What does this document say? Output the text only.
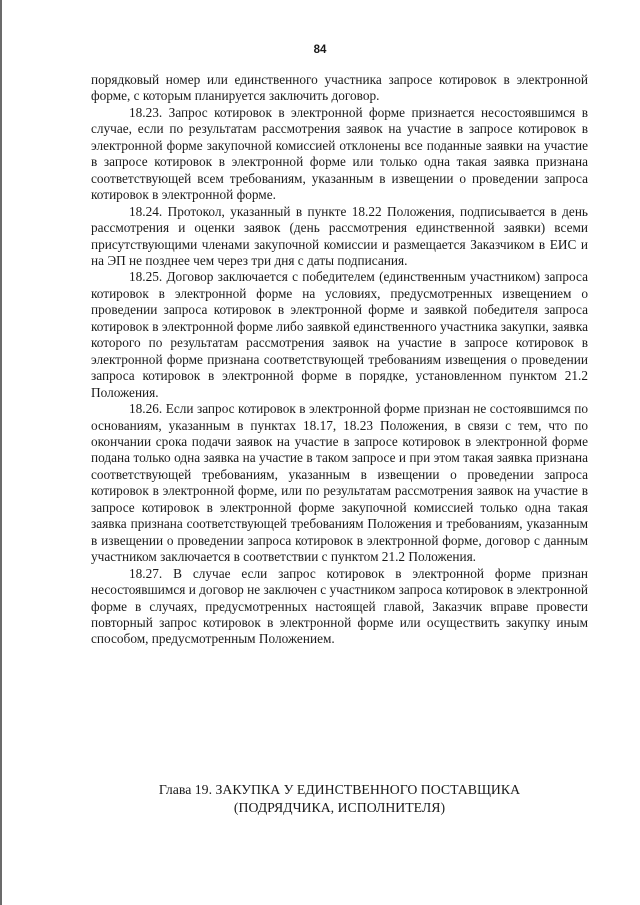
84

порядковый номер или единственного участника запросе котировок в электронной форме, с которым планируется заключить договор.

18.23. Запрос котировок в электронной форме признается несостоявшимся в случае, если по результатам рассмотрения заявок на участие в запросе котировок в электронной форме закупочной комиссией отклонены все поданные заявки на участие в запросе котировок в электронной форме или только одна такая заявка признана соответствующей всем требованиям, указанным в извещении о проведении запроса котировок в электронной форме.

18.24. Протокол, указанный в пункте 18.22 Положения, подписывается в день рассмотрения и оценки заявок (день рассмотрения единственной заявки) всеми присутствующими членами закупочной комиссии и размещается Заказчиком в ЕИС и на ЭП не позднее чем через три дня с даты подписания.

18.25. Договор заключается с победителем (единственным участником) запроса котировок в электронной форме на условиях, предусмотренных извещением о проведении запроса котировок в электронной форме и заявкой победителя запроса котировок в электронной форме либо заявкой единственного участника закупки, заявка которого по результатам рассмотрения заявок на участие в запросе котировок в электронной форме признана соответствующей требованиям извещения о проведении запроса котировок в электронной форме в порядке, установленном пунктом 21.2 Положения.

18.26. Если запрос котировок в электронной форме признан не состоявшимся по основаниям, указанным в пунктах 18.17, 18.23 Положения, в связи с тем, что по окончании срока подачи заявок на участие в запросе котировок в электронной форме подана только одна заявка на участие в таком запросе и при этом такая заявка признана соответствующей требованиям, указанным в извещении о проведении запроса котировок в электронной форме, или по результатам рассмотрения заявок на участие в запросе котировок в электронной форме закупочной комиссией только одна такая заявка признана соответствующей требованиям Положения и требованиям, указанным в извещении о проведении запроса котировок в электронной форме, договор с данным участником заключается в соответствии с пунктом 21.2 Положения.

18.27. В случае если запрос котировок в электронной форме признан несостоявшимся и договор не заключен с участником запроса котировок в электронной форме в случаях, предусмотренных настоящей главой, Заказчик вправе провести повторный запрос котировок в электронной форме или осуществить закупку иным способом, предусмотренным Положением.

Глава 19. ЗАКУПКА У ЕДИНСТВЕННОГО ПОСТАВЩИКА
(ПОДРЯДЧИКА, ИСПОЛНИТЕЛЯ)
